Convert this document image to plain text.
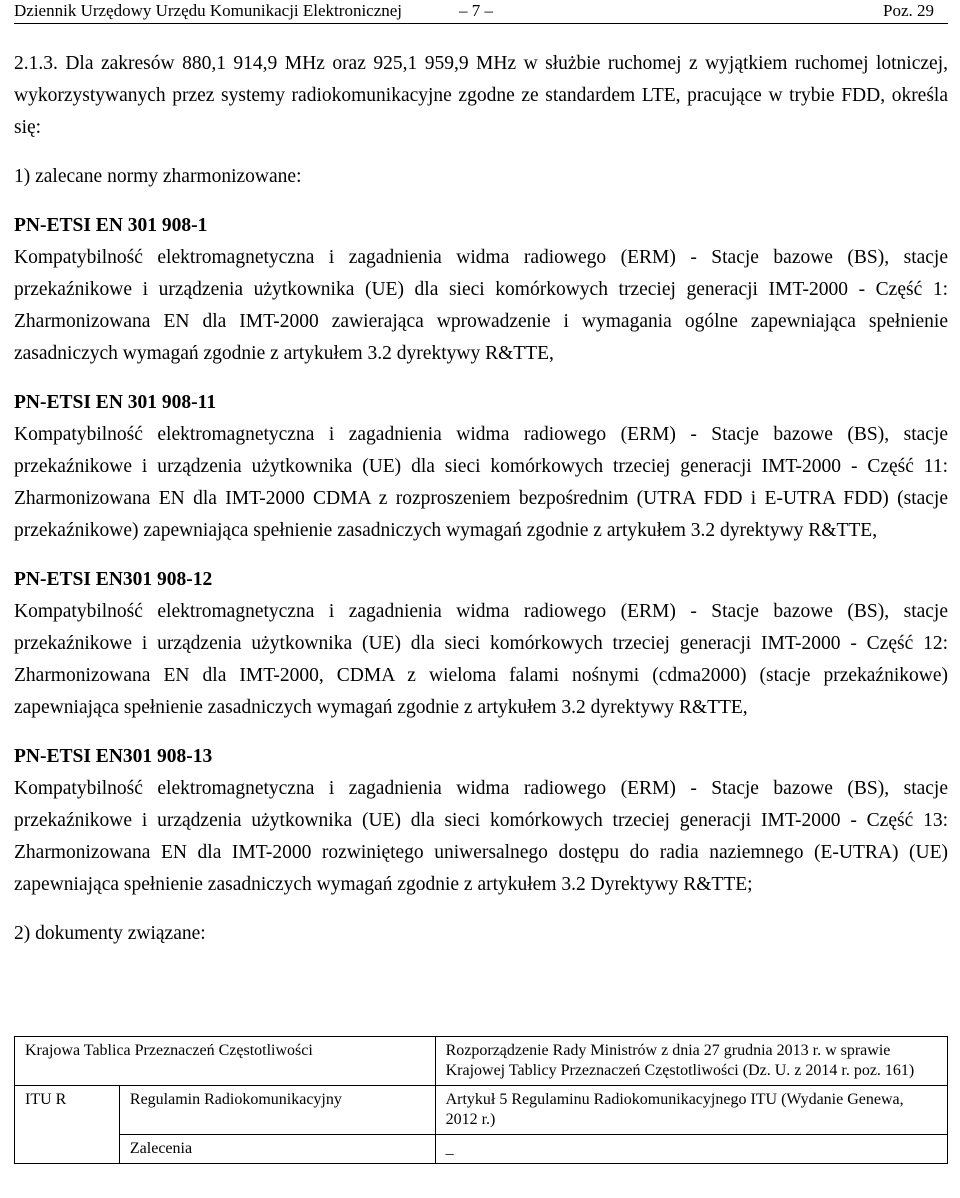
Dziennik Urzędowy Urzędu Komunikacji Elektronicznej	– 7 –	Poz. 29

2.1.3. Dla zakresów 880,1 914,9 MHz oraz 925,1 959,9 MHz w służbie ruchomej z wyjątkiem ruchomej lotniczej, wykorzystywanych przez systemy radiokomunikacyjne zgodne ze standardem LTE, pracujące w trybie FDD, określa się:

1) zalecane normy zharmonizowane:

PN-ETSI EN 301 908-1

Kompatybilność elektromagnetyczna i zagadnienia widma radiowego (ERM) - Stacje bazowe (BS), stacje przekaźnikowe i urządzenia użytkownika (UE) dla sieci komórkowych trzeciej generacji IMT-2000 - Część 1: Zharmonizowana EN dla IMT-2000 zawierająca wprowadzenie i wymagania ogólne zapewniająca spełnienie zasadniczych wymagań zgodnie z artykułem 3.2 dyrektywy R&TTE,

PN-ETSI EN 301 908-11

Kompatybilność elektromagnetyczna i zagadnienia widma radiowego (ERM) - Stacje bazowe (BS), stacje przekaźnikowe i urządzenia użytkownika (UE) dla sieci komórkowych trzeciej generacji IMT-2000 - Część 11: Zharmonizowana EN dla IMT-2000 CDMA z rozproszeniem bezpośrednim (UTRA FDD i E-UTRA FDD) (stacje przekaźnikowe) zapewniająca spełnienie zasadniczych wymagań zgodnie z artykułem 3.2 dyrektywy R&TTE,

PN-ETSI EN301 908-12

Kompatybilność elektromagnetyczna i zagadnienia widma radiowego (ERM) - Stacje bazowe (BS), stacje przekaźnikowe i urządzenia użytkownika (UE) dla sieci komórkowych trzeciej generacji IMT-2000 - Część 12: Zharmonizowana EN dla IMT-2000, CDMA z wieloma falami nośnymi (cdma2000) (stacje przekaźnikowe) zapewniająca spełnienie zasadniczych wymagań zgodnie z artykułem 3.2 dyrektywy R&TTE,

PN-ETSI EN301 908-13

Kompatybilność elektromagnetyczna i zagadnienia widma radiowego (ERM) - Stacje bazowe (BS), stacje przekaźnikowe i urządzenia użytkownika (UE) dla sieci komórkowych trzeciej generacji IMT-2000 - Część 13: Zharmonizowana EN dla IMT-2000 rozwiniętego uniwersalnego dostępu do radia naziemnego (E-UTRA) (UE) zapewniająca spełnienie zasadniczych wymagań zgodnie z artykułem 3.2 Dyrektywy R&TTE;

2) dokumenty związane:

Krajowa Tablica Przeznaczeń Częstotliwości		Rozporządzenie Rady Ministrów z dnia 27 grudnia 2013 r. w sprawie Krajowej Tablicy Przeznaczeń Częstotliwości (Dz. U. z 2014 r. poz. 161)
ITU R	Regulamin Radiokomunikacyjny	Artykuł 5 Regulaminu Radiokomunikacyjnego ITU (Wydanie Genewa, 2012 r.)
	Zalecenia	_
